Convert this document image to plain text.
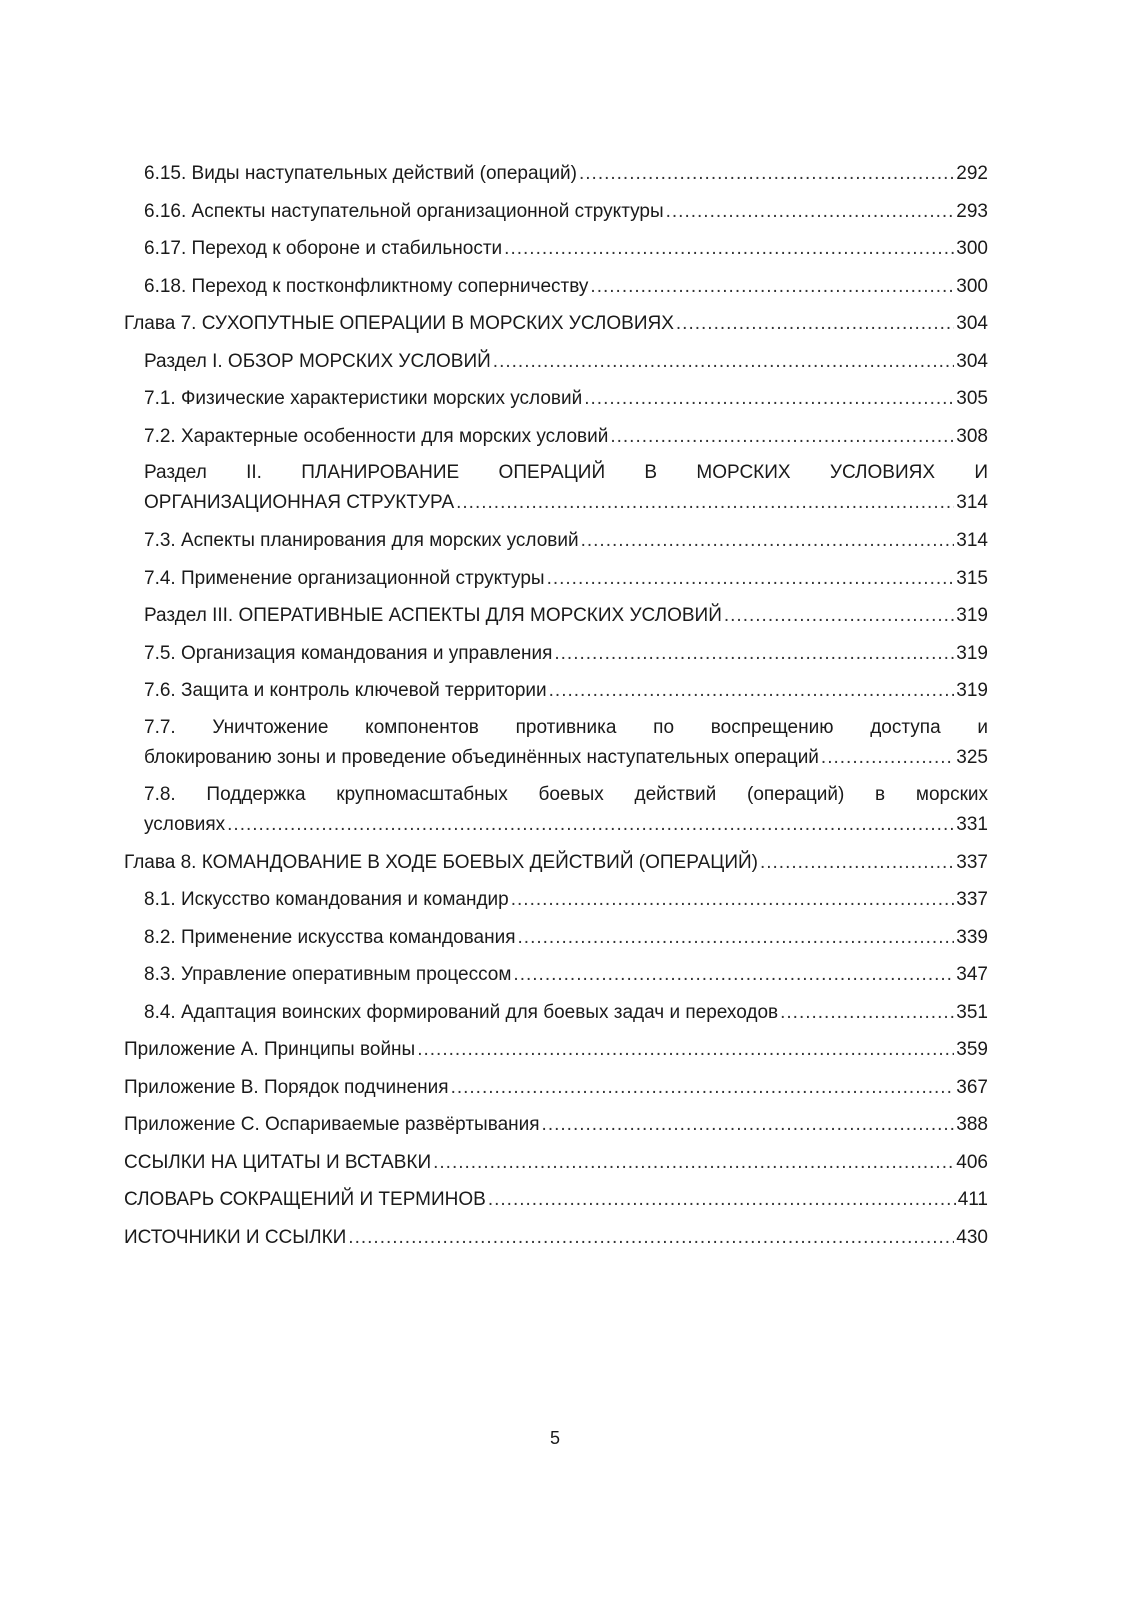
6.15. Виды наступательных действий (операций) .....	292
6.16. Аспекты наступательной организационной структуры .....	293
6.17. Переход к обороне и стабильности .....	300
6.18. Переход к постконфликтному соперничеству .....	300
Глава 7. СУХОПУТНЫЕ ОПЕРАЦИИ В МОРСКИХ УСЛОВИЯХ .....	304
Раздел I. ОБЗОР МОРСКИХ УСЛОВИЙ .....	304
7.1. Физические характеристики морских условий .....	305
7.2. Характерные особенности для морских условий .....	308
Раздел II. ПЛАНИРОВАНИЕ ОПЕРАЦИЙ В МОРСКИХ УСЛОВИЯХ И
ОРГАНИЗАЦИОННАЯ СТРУКТУРА .....	314
7.3. Аспекты планирования для морских условий .....	314
7.4. Применение организационной структуры .....	315
Раздел III. ОПЕРАТИВНЫЕ АСПЕКТЫ ДЛЯ МОРСКИХ УСЛОВИЙ .....	319
7.5. Организация командования и управления .....	319
7.6. Защита и контроль ключевой территории .....	319
7.7. Уничтожение компонентов противника по воспрещению доступа и
блокированию зоны и проведение объединённых наступательных операций .....	325
7.8. Поддержка крупномасштабных боевых действий (операций) в морских
условиях .....	331
Глава 8. КОМАНДОВАНИЕ В ХОДЕ БОЕВЫХ ДЕЙСТВИЙ (ОПЕРАЦИЙ) .....	337
8.1. Искусство командования и командир .....	337
8.2. Применение искусства командования .....	339
8.3. Управление оперативным процессом .....	347
8.4. Адаптация воинских формирований для боевых задач и переходов .....	351
Приложение А. Принципы войны .....	359
Приложение В. Порядок подчинения .....	367
Приложение С. Оспариваемые развёртывания .....	388
ССЫЛКИ НА ЦИТАТЫ И ВСТАВКИ .....	406
СЛОВАРЬ СОКРАЩЕНИЙ И ТЕРМИНОВ .....	411
ИСТОЧНИКИ И ССЫЛКИ .....	430
5
